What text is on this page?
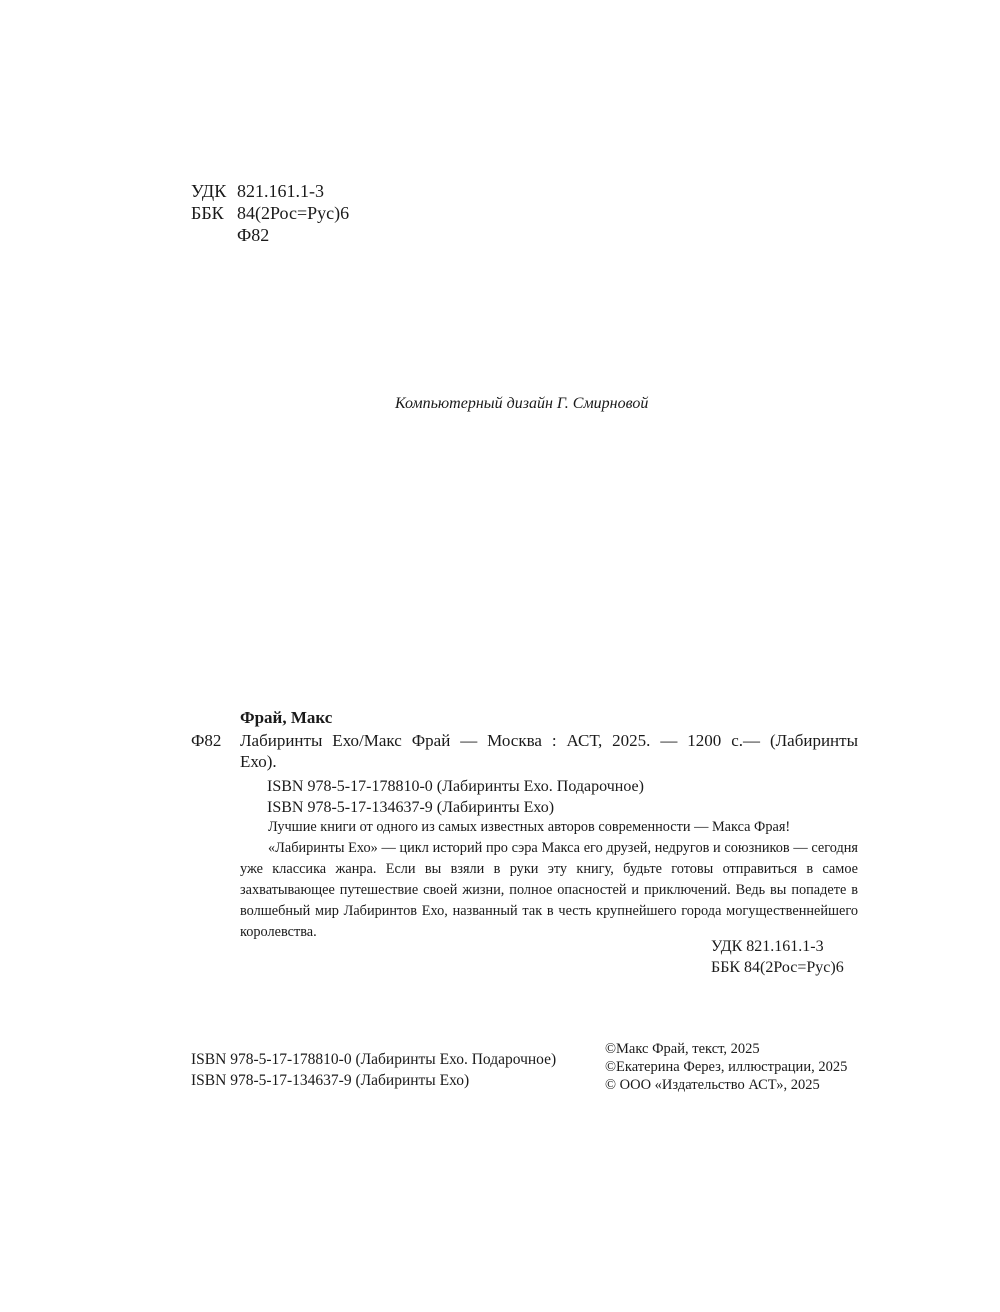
УДК 821.161.1-3
ББК 84(2Рос=Рус)6
Ф82
Компьютерный дизайн Г. Смирновой
Фрай, Макс
Ф82 Лабиринты Ехо/Макс Фрай — Москва : АСТ, 2025. — 1200 с.— (Лабиринты
Ехо).
ISBN 978-5-17-178810-0 (Лабиринты Ехо. Подарочное)
ISBN 978-5-17-134637-9 (Лабиринты Ехо)

Лучшие книги от одного из самых известных авторов современности — Макса Фрая!

«Лабиринты Ехо» — цикл историй про сэра Макса его друзей, недругов и союзников — сегодня уже классика жанра. Если вы взяли в руки эту книгу, будьте готовы отправиться в самое захватывающее путешествие своей жизни, полное опасностей и приключений. Ведь вы попадете в волшебный мир Лабиринтов Ехо, названный так в честь крупнейшего города могущественнейшего королевства.

УДК 821.161.1-3
ББК 84(2Рос=Рус)6
ISBN 978-5-17-178810-0 (Лабиринты Ехо. Подарочное)
ISBN 978-5-17-134637-9 (Лабиринты Ехо)
©Макс Фрай, текст, 2025
©Екатерина Ферез, иллюстрации, 2025
© ООО «Издательство АСТ», 2025
